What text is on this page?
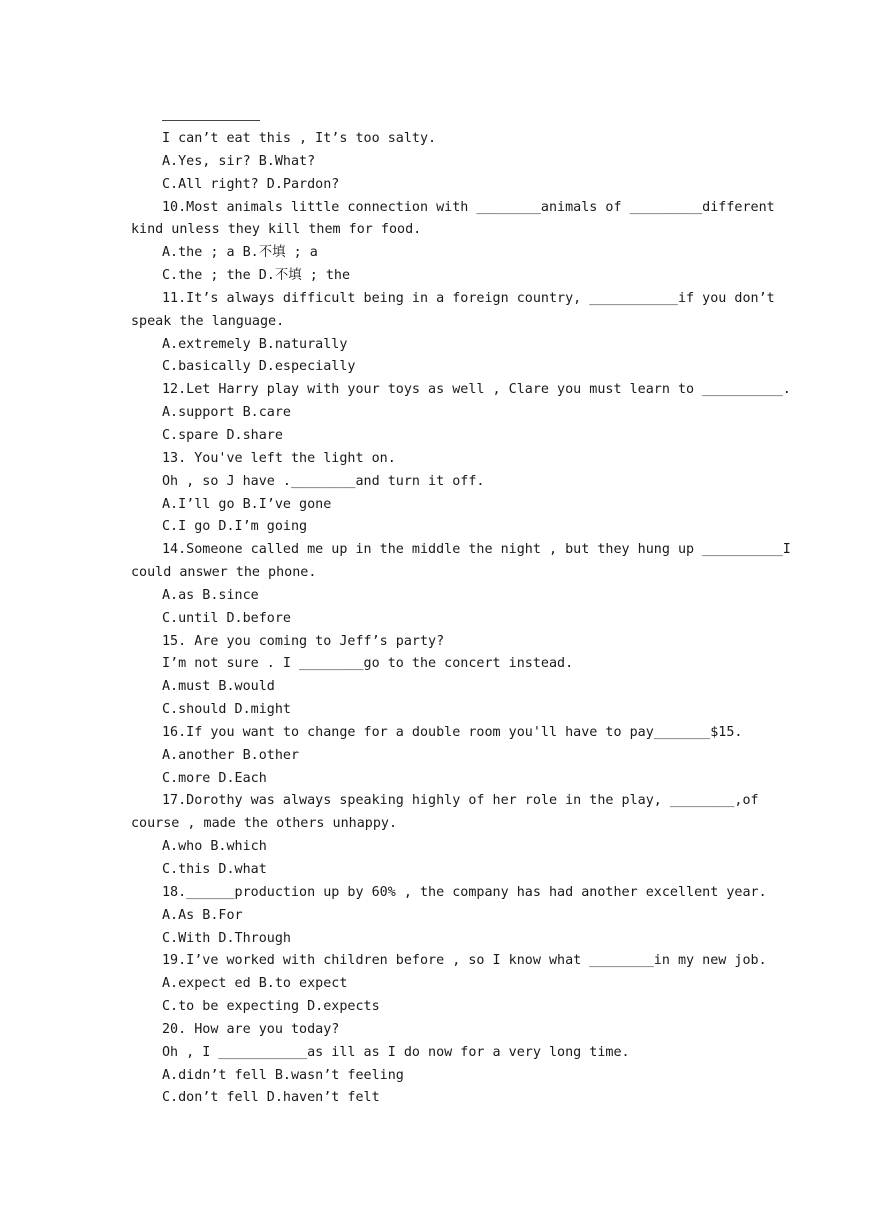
I can’t eat this , It’s too salty.
A.Yes, sir? B.What?
C.All right? D.Pardon?
10.Most animals little connection with ________animals of _________different
kind unless they kill them for food.
A.the ; a B.不填 ; a
C.the ; the D.不填 ; the
11.It’s always difficult being in a foreign country, ___________if you don’t
speak the language.
A.extremely B.naturally
C.basically D.especially
12.Let Harry play with your toys as well , Clare you must learn to __________.
A.support B.care
C.spare D.share
13. You've left the light on.
Oh , so J have .________and turn it off.
A.I’ll go B.I’ve gone
C.I go D.I’m going
14.Someone called me up in the middle the night , but they hung up __________I
could answer the phone.
A.as B.since
C.until D.before
15. Are you coming to Jeff’s party?
I’m not sure . I ________go to the concert instead.
A.must B.would
C.should D.might
16.If you want to change for a double room you'll have to pay_______$15.
A.another B.other
C.more D.Each
17.Dorothy was always speaking highly of her role in the play, ________,of
course , made the others unhappy.
A.who B.which
C.this D.what
18.______production up by 60% , the company has had another excellent year.
A.As B.For
C.With D.Through
19.I’ve worked with children before , so I know what ________in my new job.
A.expect ed B.to expect
C.to be expecting D.expects
20. How are you today?
Oh , I ___________as ill as I do now for a very long time.
A.didn’t fell B.wasn’t feeling
C.don’t fell D.haven’t felt
